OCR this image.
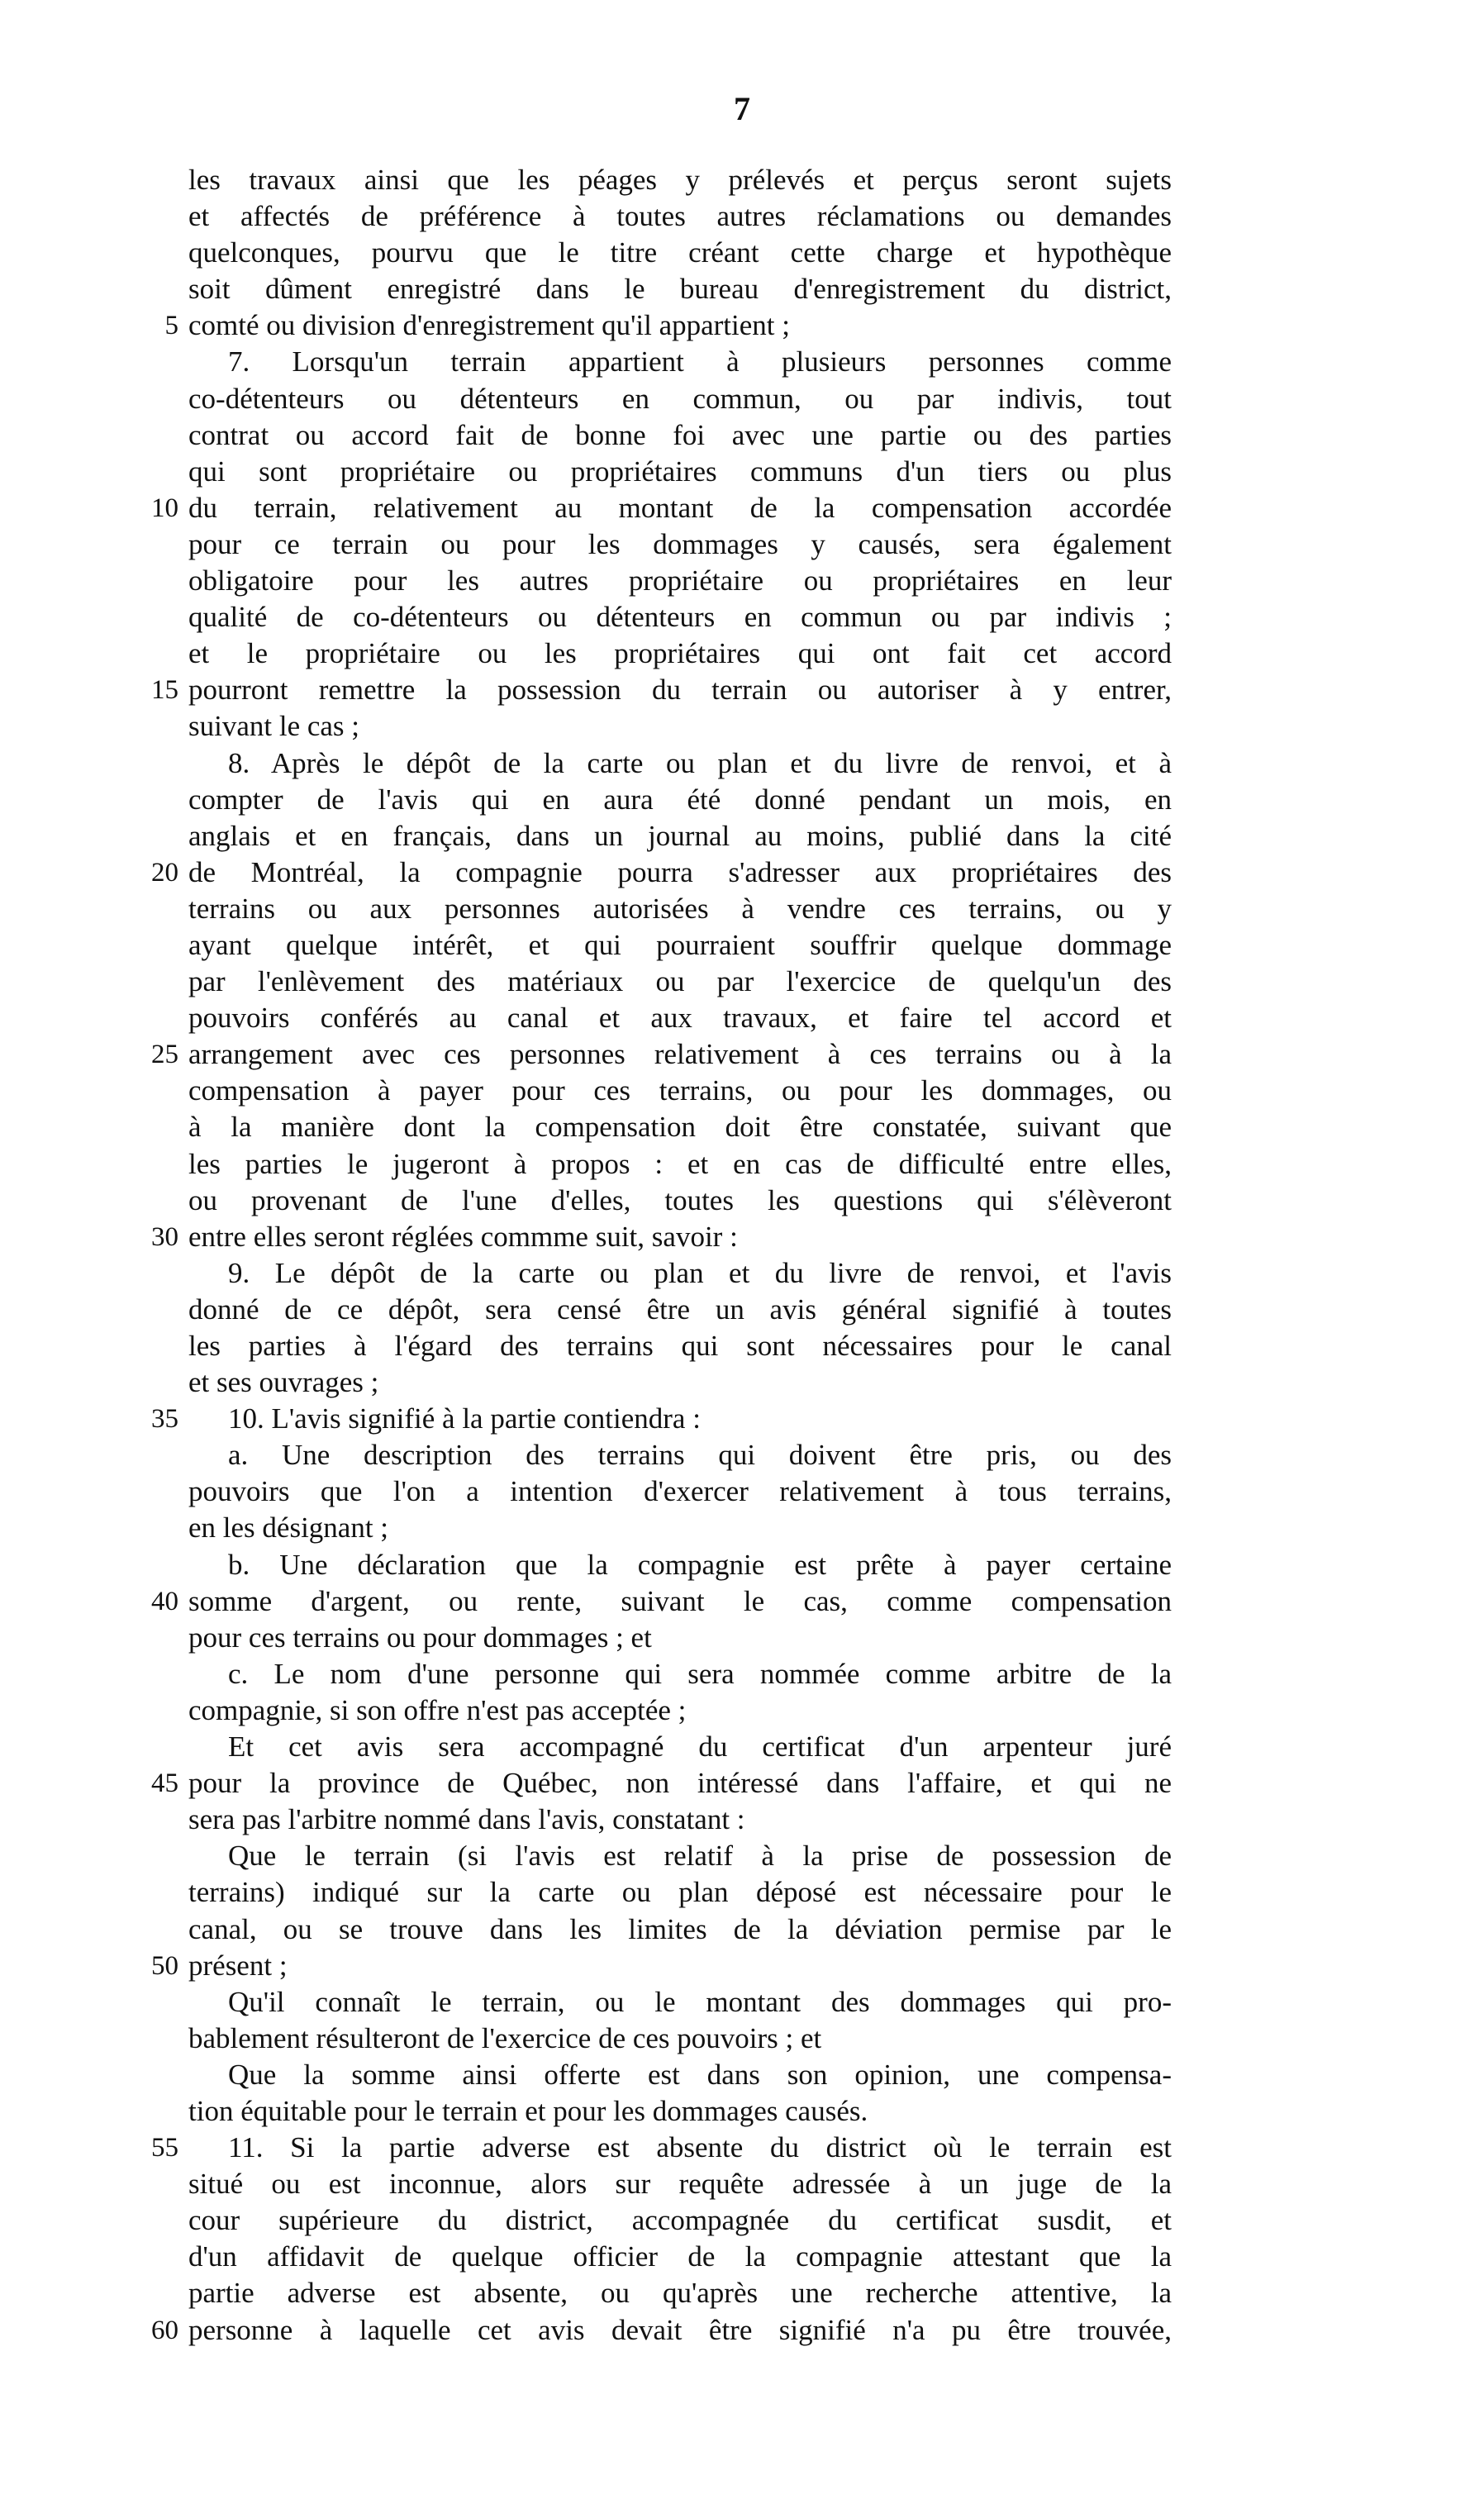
7
les travaux ainsi que les péages y prélevés et perçus seront sujets
et affectés de préférence à toutes autres réclamations ou demandes
quelconques, pourvu que le titre créant cette charge et hypothèque
soit dûment enregistré dans le bureau d'enregistrement du district,
5 comté ou division d'enregistrement qu'il appartient ;
7. Lorsqu'un terrain appartient à plusieurs personnes comme
co-détenteurs ou détenteurs en commun, ou par indivis, tout
contrat ou accord fait de bonne foi avec une partie ou des parties
qui sont propriétaire ou propriétaires communs d'un tiers ou plus
10 du terrain, relativement au montant de la compensation accordée
pour ce terrain ou pour les dommages y causés, sera également
obligatoire pour les autres propriétaire ou propriétaires en leur
qualité de co-détenteurs ou détenteurs en commun ou par indivis ;
et le propriétaire ou les propriétaires qui ont fait cet accord
15 pourront remettre la possession du terrain ou autoriser à y entrer,
suivant le cas ;
8. Après le dépôt de la carte ou plan et du livre de renvoi, et à
compter de l'avis qui en aura été donné pendant un mois, en
anglais et en français, dans un journal au moins, publié dans la cité
20 de Montréal, la compagnie pourra s'adresser aux propriétaires des
terrains ou aux personnes autorisées à vendre ces terrains, ou y
ayant quelque intérêt, et qui pourraient souffrir quelque dommage
par l'enlèvement des matériaux ou par l'exercice de quelqu'un des
pouvoirs conférés au canal et aux travaux, et faire tel accord et
25 arrangement avec ces personnes relativement à ces terrains ou à la
compensation à payer pour ces terrains, ou pour les dommages, ou
à la manière dont la compensation doit être constatée, suivant que
les parties le jugeront à propos : et en cas de difficulté entre elles,
ou provenant de l'une d'elles, toutes les questions qui s'élèveront
30 entre elles seront réglées commme suit, savoir :
9. Le dépôt de la carte ou plan et du livre de renvoi, et l'avis
donné de ce dépôt, sera censé être un avis général signifié à toutes
les parties à l'égard des terrains qui sont nécessaires pour le canal
et ses ouvrages ;
35	10. L'avis signifié à la partie contiendra :
a. Une description des terrains qui doivent être pris, ou des
pouvoirs que l'on a intention d'exercer relativement à tous terrains,
en les désignant ;
b. Une déclaration que la compagnie est prête à payer certaine
40 somme d'argent, ou rente, suivant le cas, comme compensation
pour ces terrains ou pour dommages ; et
c. Le nom d'une personne qui sera nommée comme arbitre de la
compagnie, si son offre n'est pas acceptée ;
Et cet avis sera accompagné du certificat d'un arpenteur juré
45 pour la province de Québec, non intéressé dans l'affaire, et qui ne
sera pas l'arbitre nommé dans l'avis, constatant :
Que le terrain (si l'avis est relatif à la prise de possession de
terrains) indiqué sur la carte ou plan déposé est nécessaire pour le
canal, ou se trouve dans les limites de la déviation permise par le
50 présent ;
Qu'il connaît le terrain, ou le montant des dommages qui pro-
bablement résulteront de l'exercice de ces pouvoirs ; et
Que la somme ainsi offerte est dans son opinion, une compensa-
tion équitable pour le terrain et pour les dommages causés.
55	11. Si la partie adverse est absente du district où le terrain est
situé ou est inconnue, alors sur requête adressée à un juge de la
cour supérieure du district, accompagnée du certificat susdit, et
d'un affidavit de quelque officier de la compagnie attestant que la
partie adverse est absente, ou qu'après une recherche attentive, la
60 personne à laquelle cet avis devait être signifié n'a pu être trouvée,
